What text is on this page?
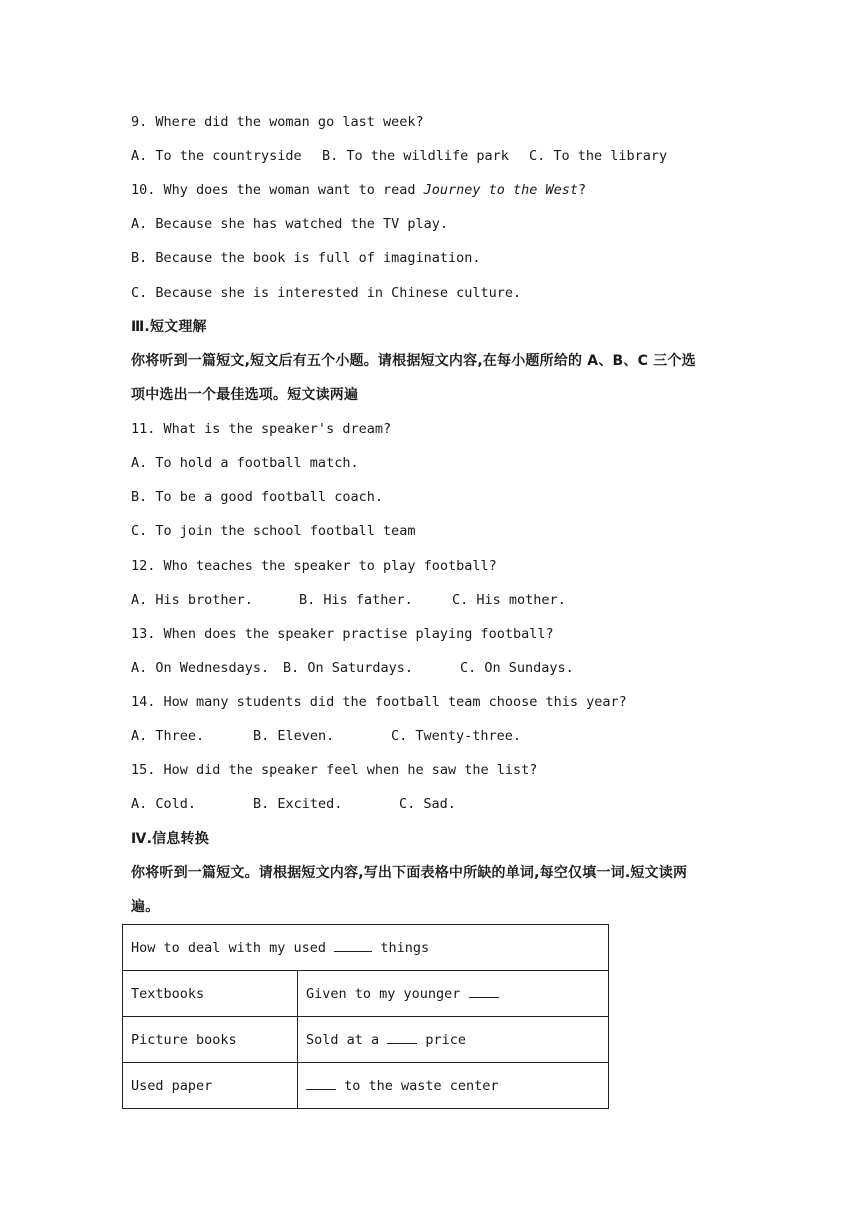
9. Where did the woman go last week?
A. To the countryside B. To the wildlife park C. To the library
10. Why does the woman want to read Journey to the West?
A. Because she has watched the TV play.
B. Because the book is full of imagination.
C. Because she is interested in Chinese culture.
Ⅲ.短文理解
你将听到一篇短文,短文后有五个小题。请根据短文内容,在每小题所给的 A、B、C 三个选
项中选出一个最佳选项。短文读两遍
11. What is the speaker's dream?
A. To hold a football match.
B. To be a good football coach.
C. To join the school football team
12. Who teaches the speaker to play football?
A. His brother.	B. His father.	C. His mother.
13. When does the speaker practise playing football?
A. On Wednesdays. B. On Saturdays.	C. On Sundays.
14. How many students did the football team choose this year?
A. Three.	B. Eleven.	C. Twenty-three.
15. How did the speaker feel when he saw the list?
A. Cold.	B. Excited.	C. Sad.
Ⅳ.信息转换
你将听到一篇短文。请根据短文内容,写出下面表格中所缺的单词,每空仅填一词.短文读两
遍。
How to deal with my used things	
Textbooks	Given to my younger
Picture books	Sold at a  price
Used paper	to the waste center
